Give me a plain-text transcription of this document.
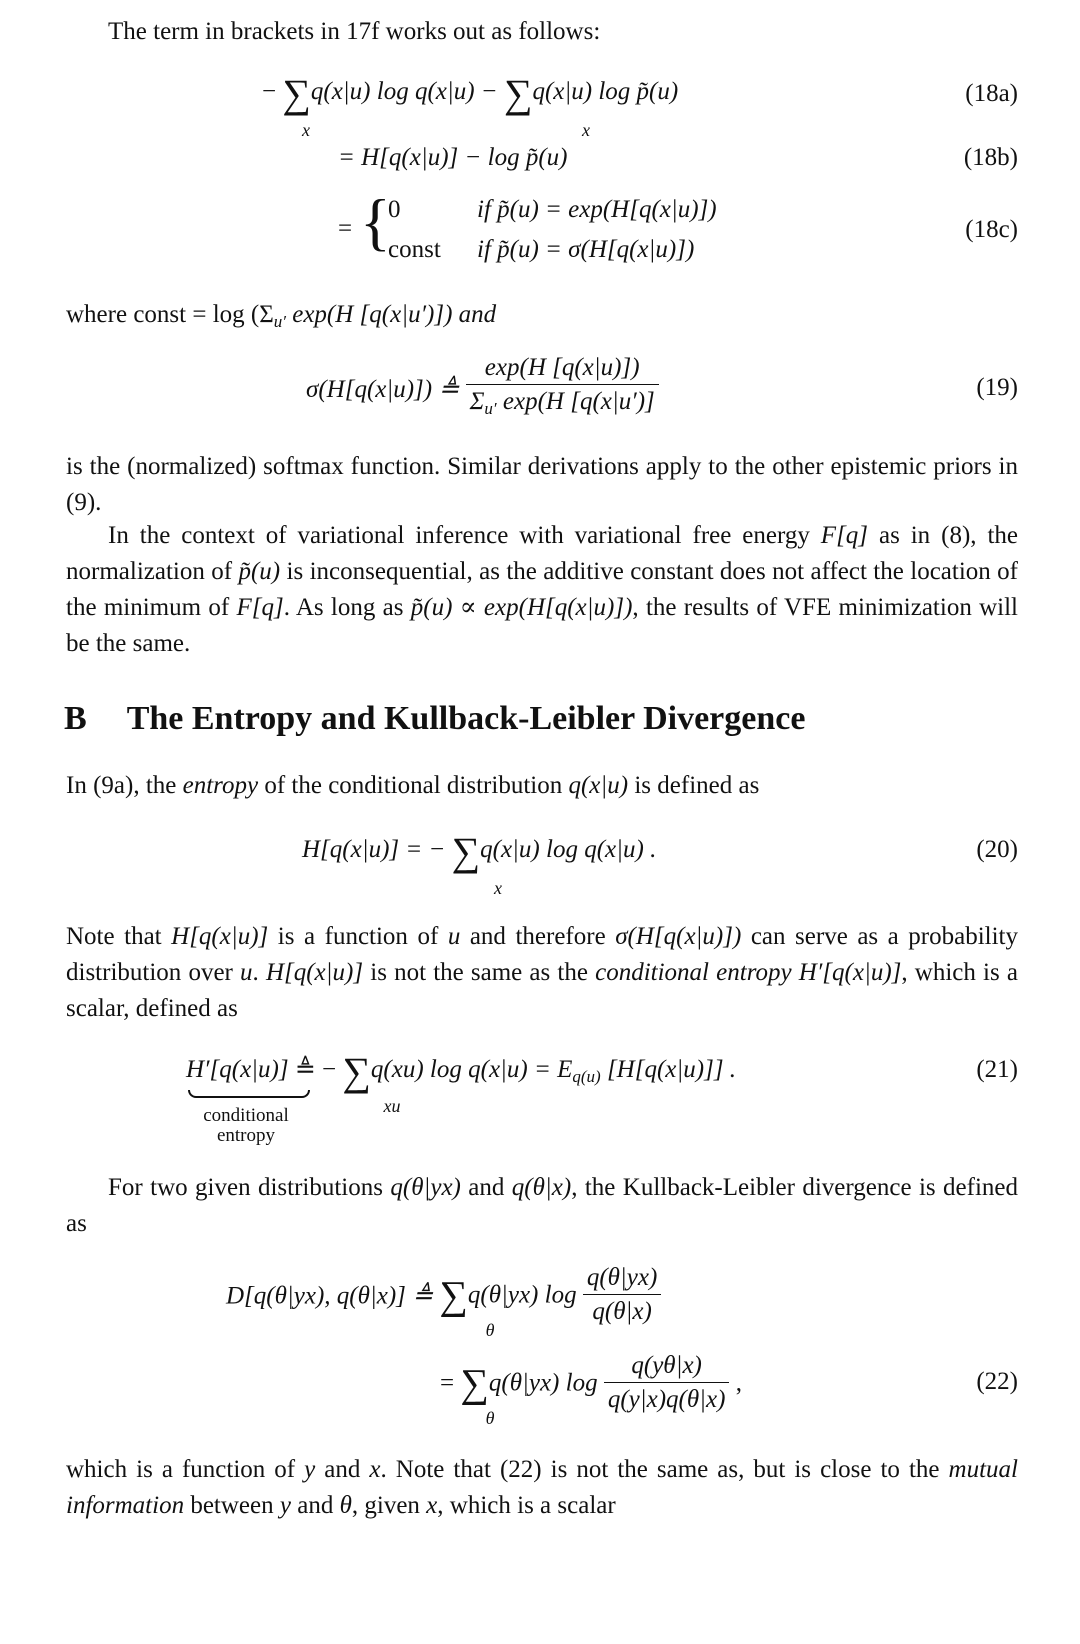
The term in brackets in 17f works out as follows:
− ∑q(x|u) log q(x|u) − ∑q(x|u) log p̃(u)
x	x
(18a)
= H[q(x|u)] − log p̃(u)	(18b)
= {
0	if p̃(u) = exp(H[q(x|u)])
const if p̃(u) = σ(H[q(x|u)])
(18c)
where const = $\log (\Sigma_{u'}$ exp(H [q(x|u′)]) and
σ(H[q(x|u)]) ≜ $\frac{\exp(H [q(x|u)])}{\Sigma_{u'} \exp(H [q(x|u')]}$	(19)
is the (normalized) softmax function. Similar derivations apply to the other epistemic priors in (9).
In the context of variational inference with variational free energy F[q] as in (8), the normalization of p̃(u) is inconsequential, as the additive constant does not affect the location of the minimum of F[q]. As long as p̃(u) ∝ exp(H[q(x|u)]), the results of VFE minimization will be the same.
B The Entropy and Kullback-Leibler Divergence
In (9a), the entropy of the conditional distribution q(x|u) is defined as
H[q(x|u)] = − ∑q(x|u) log q(x|u) .
x
(20)
Note that H[q(x|u)] is a function of u and therefore σ(H[q(x|u)]) can serve as a probability distribution over u. H[q(x|u)] is not the same as the conditional entropy H′[q(x|u)], which is a scalar, defined as
H′[q(x|u)] ≜ − ∑q(xu) $\log q(x|u) = E_{q(u)}$ [H[q(x|u)]] .
xu
conditional
entropy
(21)
For two given distributions q(θ|yx) and q(θ|x), the Kullback-Leibler divergence is defined as
D[q(θ|yx), q(θ|x)] ≜ ∑q(θ|yx) $\log \frac{q(\theta|yx)}{q(\theta|x)}$
θ
= ∑q(θ|yx) $\log \frac{q(y\theta|x)}{q(y|x)q(\theta|x)}$ ,
θ
(22)
which is a function of y and x. Note that (22) is not the same as, but is close to the mutual information between y and θ, given x, which is a scalar
